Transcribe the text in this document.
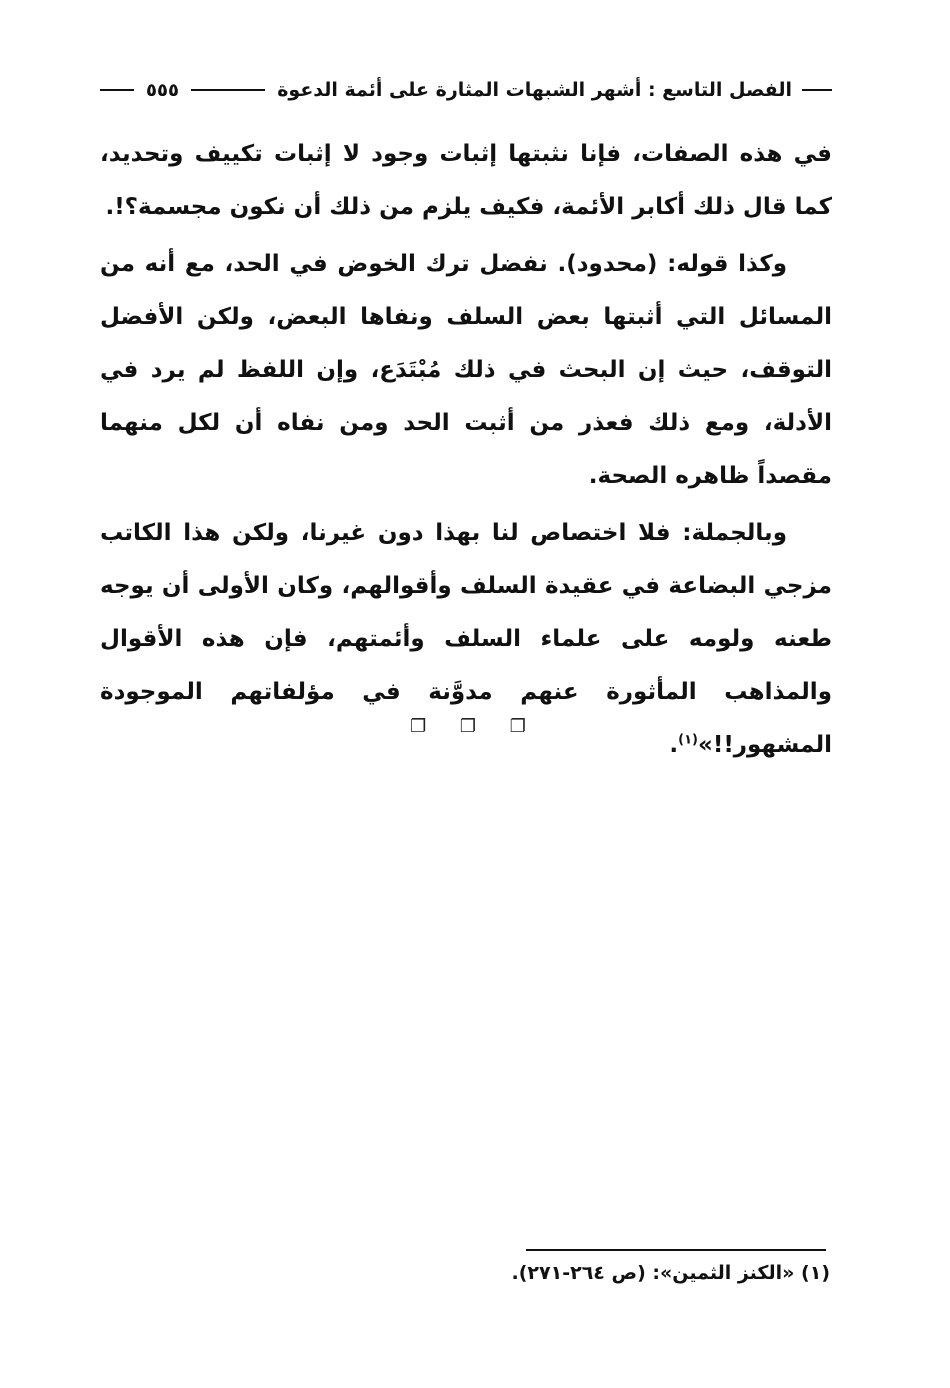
الفصل التاسع : أشهر الشبهات المثارة على أئمة الدعوة
٥٥٥

في هذه الصفات، فإنا نثبتها إثبات وجود لا إثبات تكييف وتحديد، كما قال ذلك أكابر الأئمة، فكيف يلزم من ذلك أن نكون مجسمة؟!.

وكذا قوله: (محدود). نفضل ترك الخوض في الحد، مع أنه من المسائل التي أثبتها بعض السلف ونفاها البعض، ولكن الأفضل التوقف، حيث إن البحث في ذلك مُبْتَدَع، وإن اللفظ لم يرد في الأدلة، ومع ذلك فعذر من أثبت الحد ومن نفاه أن لكل منهما مقصداً ظاهره الصحة.

وبالجملة: فلا اختصاص لنا بهذا دون غيرنا، ولكن هذا الكاتب مزجي البضاعة في عقيدة السلف وأقوالهم، وكان الأولى أن يوجه طعنه ولومه على علماء السلف وأئمتهم، فإن هذه الأقوال والمذاهب المأثورة عنهم مدوَّنة في مؤلفاتهم الموجودة المشهور!!»$^{(١)}$.

❐ ❐ ❐
(١) «الكنز الثمين»: (ص ٢٦٤-٢٧١).
